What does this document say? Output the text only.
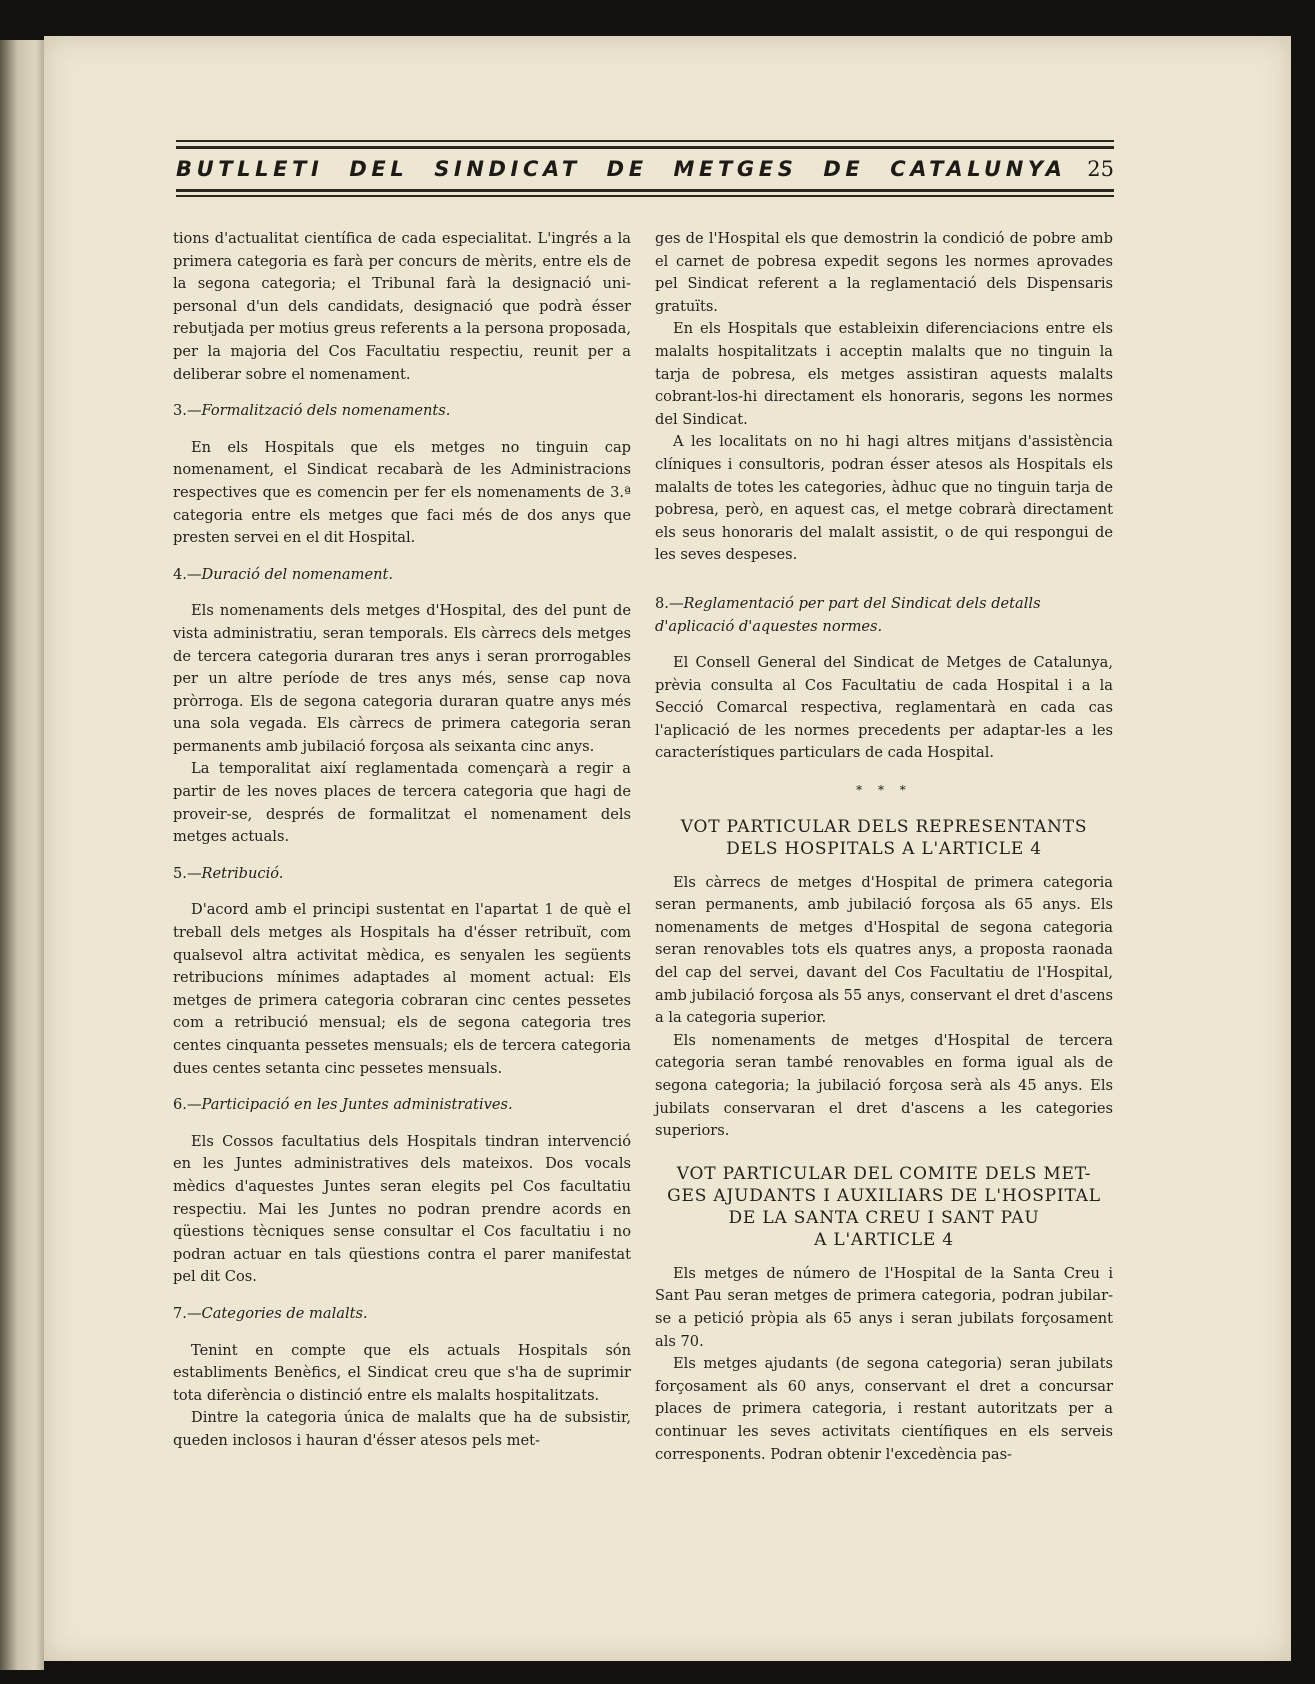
BUTLLETI DEL SINDICAT DE METGES DE CATALUNYA 25

tions d'actualitat científica de cada especialitat. L'ingrés a la primera categoria es farà per concurs de mèrits, entre els de la segona categoria; el Tribunal farà la designació uni-personal d'un dels candidats, designació que podrà ésser rebutjada per motius greus referents a la persona proposada, per la majoria del Cos Facultatiu respectiu, reunit per a deliberar sobre el nomenament.

3.—Formalització dels nomenaments.

En els Hospitals que els metges no tinguin cap nomenament, el Sindicat recabarà de les Administracions respectives que es comencin per fer els nomenaments de 3.ª categoria entre els metges que faci més de dos anys que presten servei en el dit Hospital.

4.—Duració del nomenament.

Els nomenaments dels metges d'Hospital, des del punt de vista administratiu, seran temporals. Els càrrecs dels metges de tercera categoria duraran tres anys i seran prorrogables per un altre període de tres anys més, sense cap nova pròrroga. Els de segona categoria duraran quatre anys més una sola vegada. Els càrrecs de primera categoria seran permanents amb jubilació forçosa als seixanta cinc anys.

La temporalitat així reglamentada començarà a regir a partir de les noves places de tercera categoria que hagi de proveir-se, després de formalitzat el nomenament dels metges actuals.

5.—Retribució.

D'acord amb el principi sustentat en l'apartat 1 de què el treball dels metges als Hospitals ha d'ésser retribuït, com qualsevol altra activitat mèdica, es senyalen les següents retribucions mínimes adaptades al moment actual: Els metges de primera categoria cobraran cinc centes pessetes com a retribució mensual; els de segona categoria tres centes cinquanta pessetes mensuals; els de tercera categoria dues centes setanta cinc pessetes mensuals.

6.—Participació en les Juntes administratives.

Els Cossos facultatius dels Hospitals tindran intervenció en les Juntes administratives dels mateixos. Dos vocals mèdics d'aquestes Juntes seran elegits pel Cos facultatiu respectiu. Mai les Juntes no podran prendre acords en qüestions tècniques sense consultar el Cos facultatiu i no podran actuar en tals qüestions contra el parer manifestat pel dit Cos.

7.—Categories de malalts.

Tenint en compte que els actuals Hospitals són establiments Benèfics, el Sindicat creu que s'ha de suprimir tota diferència o distinció entre els malalts hospitalitzats.

Dintre la categoria única de malalts que ha de subsistir, queden inclosos i hauran d'ésser atesos pels met-

ges de l'Hospital els que demostrin la condició de pobre amb el carnet de pobresa expedit segons les normes aprovades pel Sindicat referent a la reglamentació dels Dispensaris gratuïts.

En els Hospitals que estableixin diferenciacions entre els malalts hospitalitzats i acceptin malalts que no tinguin la tarja de pobresa, els metges assistiran aquests malalts cobrant-los-hi directament els honoraris, segons les normes del Sindicat.

A les localitats on no hi hagi altres mitjans d'assistència clíniques i consultoris, podran ésser atesos als Hospitals els malalts de totes les categories, àdhuc que no tinguin tarja de pobresa, però, en aquest cas, el metge cobrarà directament els seus honoraris del malalt assistit, o de qui respongui de les seves despeses.

8.—Reglamentació per part del Sindicat dels detalls d'aplicació d'aquestes normes.

El Consell General del Sindicat de Metges de Catalunya, prèvia consulta al Cos Facultatiu de cada Hospital i a la Secció Comarcal respectiva, reglamentarà en cada cas l'aplicació de les normes precedents per adaptar-les a les característiques particulars de cada Hospital.

* * *
VOT PARTICULAR DELS REPRESENTANTS
DELS HOSPITALS A L'ARTICLE 4

Els càrrecs de metges d'Hospital de primera categoria seran permanents, amb jubilació forçosa als 65 anys. Els nomenaments de metges d'Hospital de segona categoria seran renovables tots els quatres anys, a proposta raonada del cap del servei, davant del Cos Facultatiu de l'Hospital, amb jubilació forçosa als 55 anys, conservant el dret d'ascens a la categoria superior.

Els nomenaments de metges d'Hospital de tercera categoria seran també renovables en forma igual als de segona categoria; la jubilació forçosa serà als 45 anys. Els jubilats conservaran el dret d'ascens a les categories superiors.

VOT PARTICULAR DEL COMITE DELS MET-
GES AJUDANTS I AUXILIARS DE L'HOSPITAL
DE LA SANTA CREU I SANT PAU
A L'ARTICLE 4

Els metges de número de l'Hospital de la Santa Creu i Sant Pau seran metges de primera categoria, podran jubilar-se a petició pròpia als 65 anys i seran jubilats forçosament als 70.

Els metges ajudants (de segona categoria) seran jubilats forçosament als 60 anys, conservant el dret a concursar places de primera categoria, i restant autoritzats per a continuar les seves activitats científiques en els serveis corresponents. Podran obtenir l'excedència pas-
